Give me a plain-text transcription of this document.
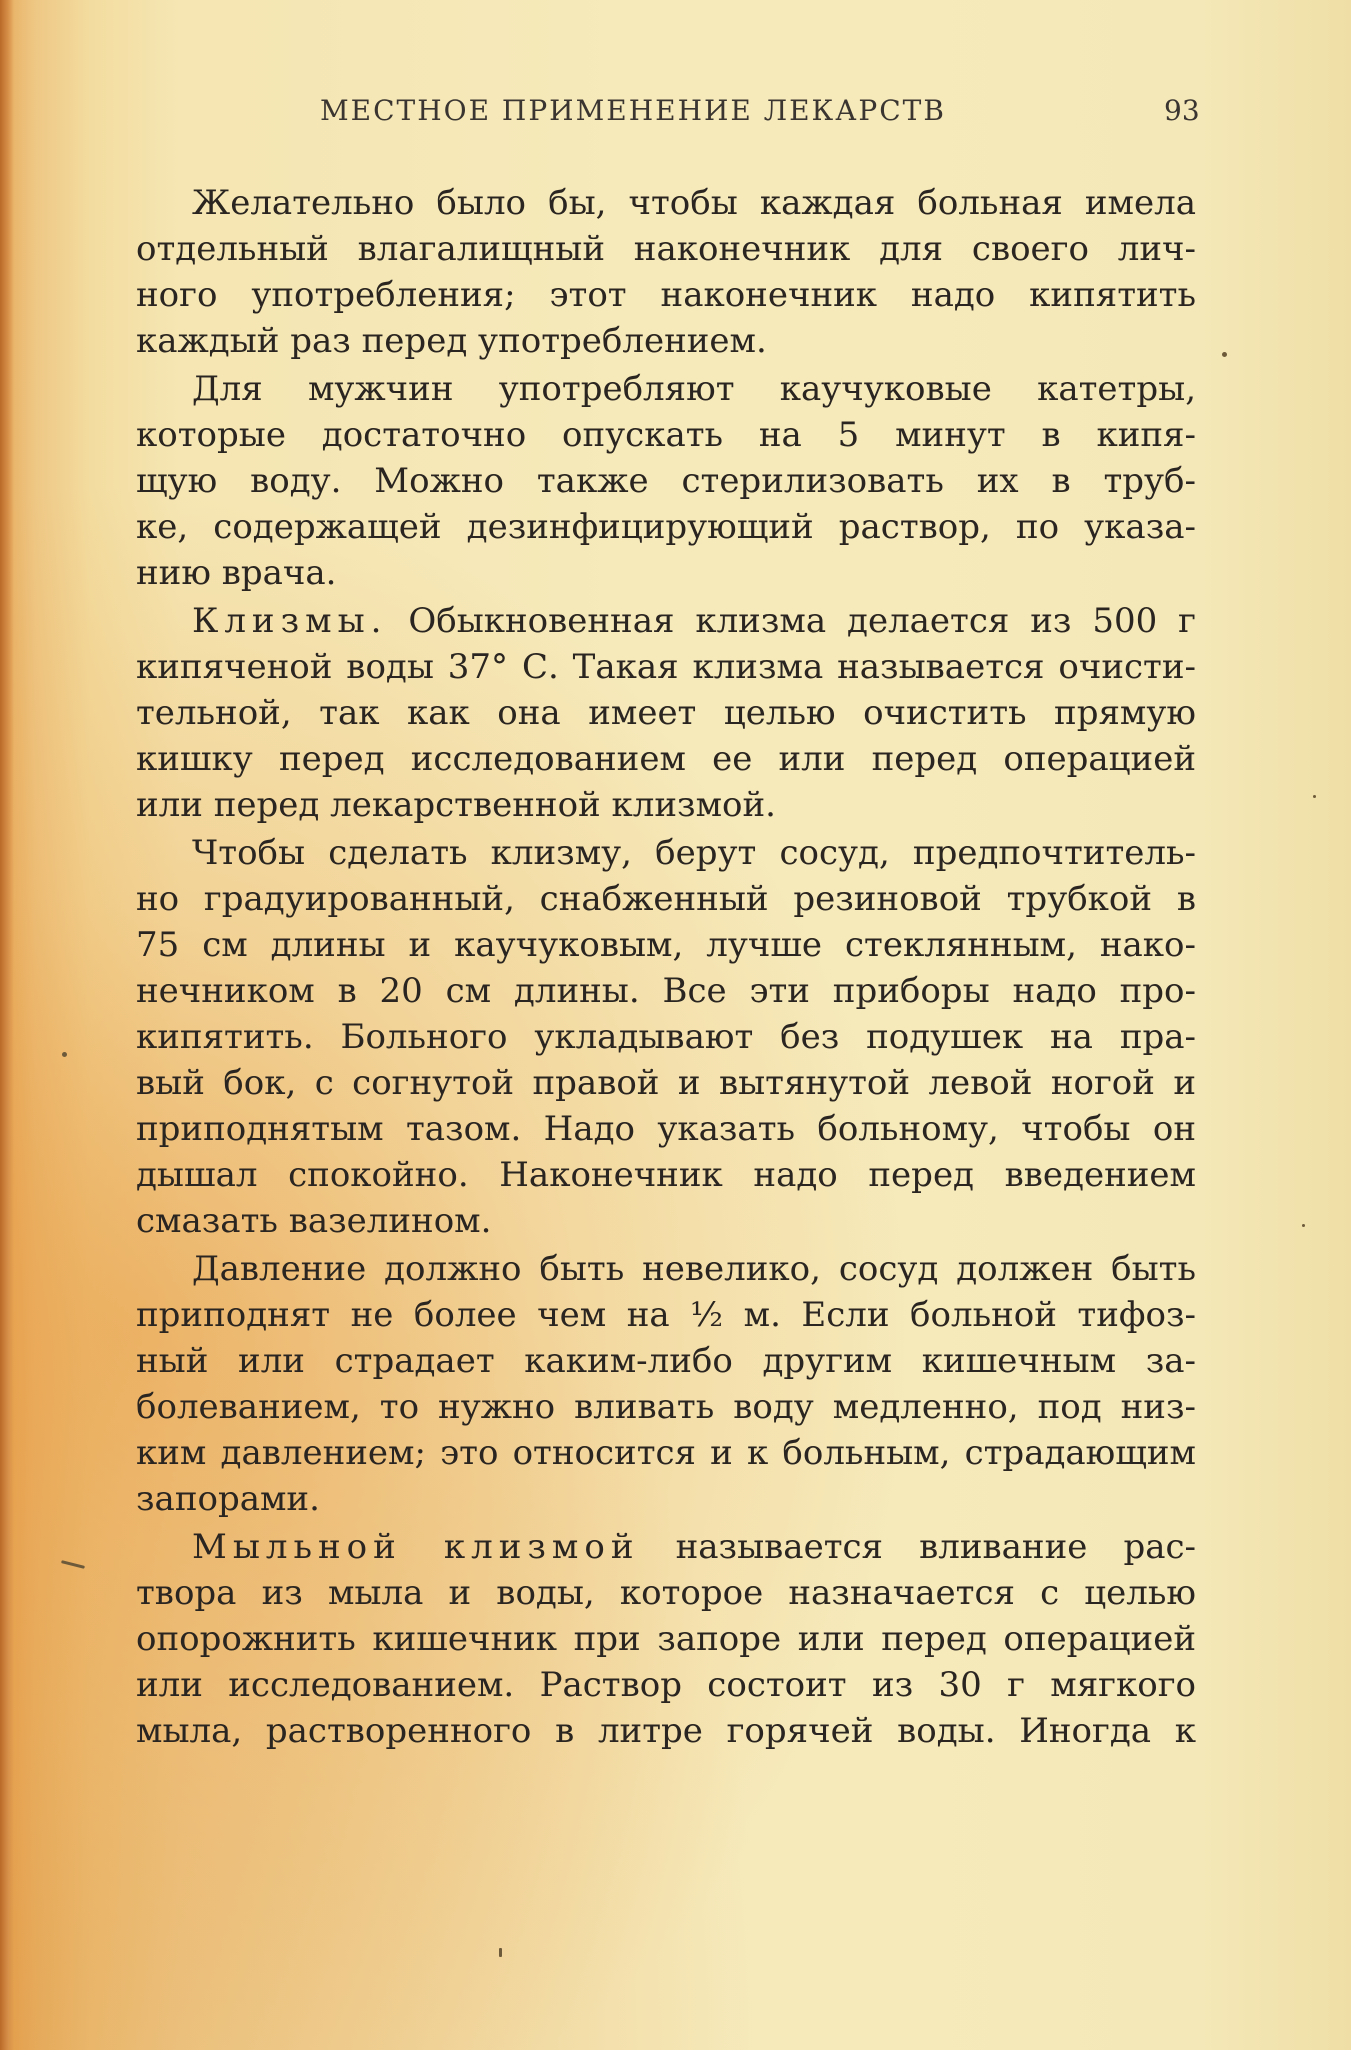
МЕСТНОЕ ПРИМЕНЕНИЕ ЛЕКАРСТВ	93
Желательно было бы, чтобы каждая больная имела
отдельный влагалищный наконечник для своего лич-
ного употребления; этот наконечник надо кипятить
каждый раз перед употреблением.
Для мужчин употребляют каучуковые катетры,
которые достаточно опускать на 5 минут в кипя-
щую воду. Можно также стерилизовать их в труб-
ке, содержащей дезинфицирующий раствор, по указа-
нию врача.
Клизмы. Обыкновенная клизма делается из 500 г
кипяченой воды 37° С. Такая клизма называется очисти-
тельной, так как она имеет целью очистить прямую
кишку перед исследованием ее или перед операцией
или перед лекарственной клизмой.
Чтобы сделать клизму, берут сосуд, предпочтитель-
но градуированный, снабженный резиновой трубкой в
75 см длины и каучуковым, лучше стеклянным, нако-
нечником в 20 см длины. Все эти приборы надо про-
кипятить. Больного укладывают без подушек на пра-
вый бок, с согнутой правой и вытянутой левой ногой и
приподнятым тазом. Надо указать больному, чтобы он
дышал спокойно. Наконечник надо перед введением
смазать вазелином.
Давление должно быть невелико, сосуд должен быть
приподнят не более чем на ½ м. Если больной тифоз-
ный или страдает каким-либо другим кишечным за-
болеванием, то нужно вливать воду медленно, под низ-
ким давлением; это относится и к больным, страдающим
запорами.
Мыльной клизмой называется вливание рас-
твора из мыла и воды, которое назначается с целью
опорожнить кишечник при запоре или перед операцией
или исследованием. Раствор состоит из 30 г мягкого
мыла, растворенного в литре горячей воды. Иногда к
